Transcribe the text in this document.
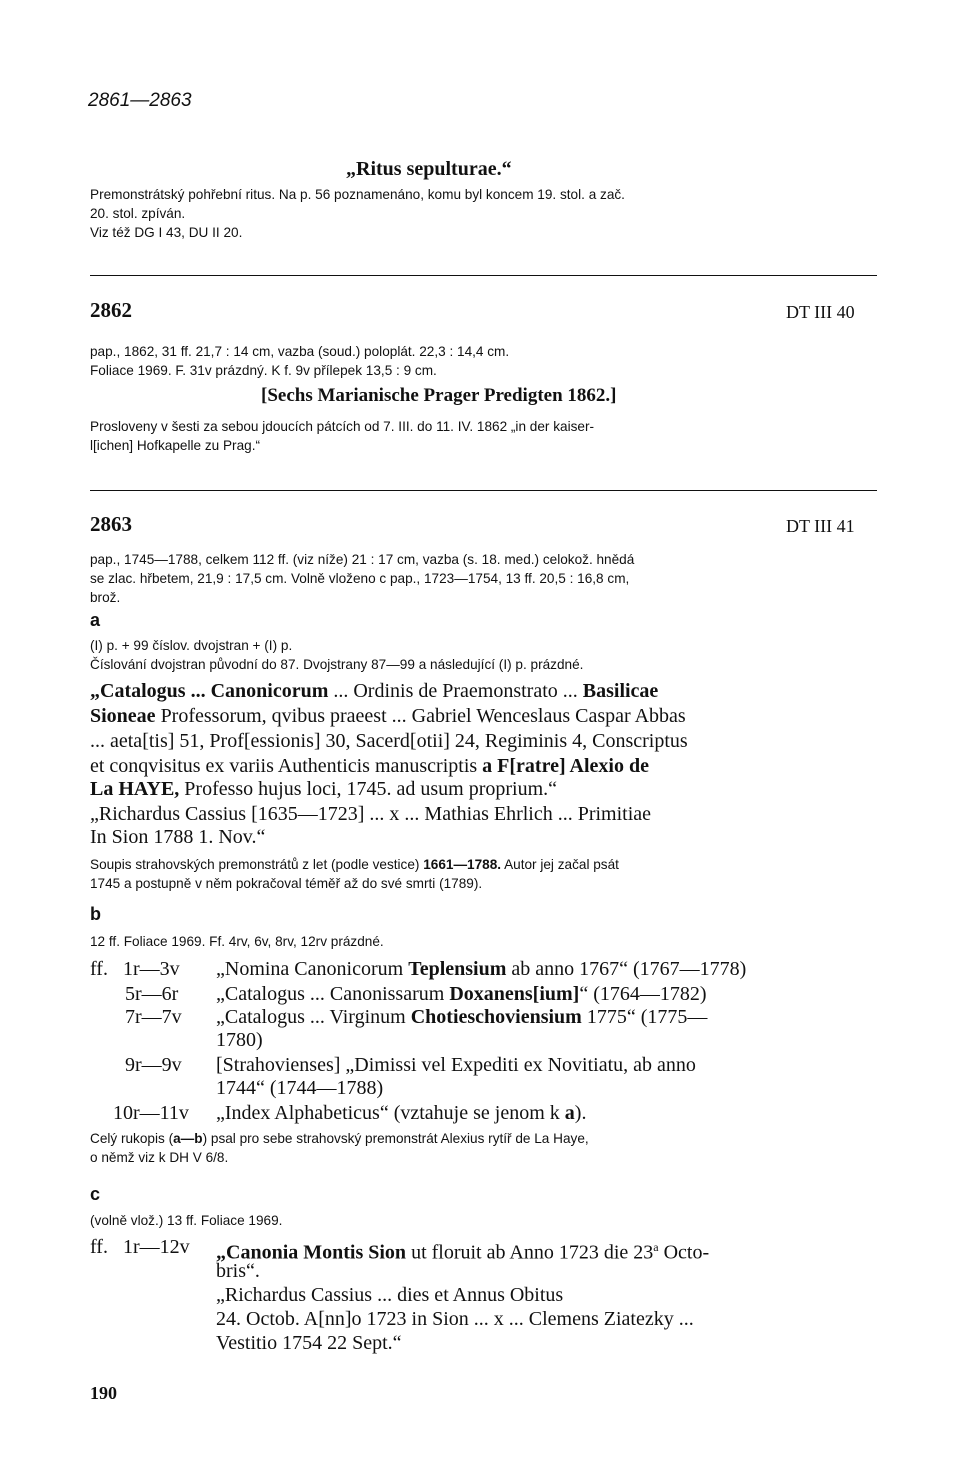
2861—2863
„Ritus sepulturae.“
Premonstrátský pohřební ritus. Na p. 56 poznamenáno, komu byl koncem 19. stol. a zač.
20. stol. zpíván.
Viz též DG I 43, DU II 20.
2862	DT III 40
pap., 1862, 31 ff. 21,7 : 14 cm, vazba (soud.) poloplát. 22,3 : 14,4 cm.
Foliace 1969. F. 31v prázdný. K f. 9v přílepek 13,5 : 9 cm.
[Sechs Marianische Prager Predigten 1862.]
Prosloveny v šesti za sebou jdoucích pátcích od 7. III. do 11. IV. 1862 „in der kaiser-
l[ichen] Hofkapelle zu Prag.“
2863	DT III 41
pap., 1745—1788, celkem 112 ff. (viz níže) 21 : 17 cm, vazba (s. 18. med.) celokož. hnědá
se zlac. hřbetem, 21,9 : 17,5 cm. Volně vloženo c pap., 1723—1754, 13 ff. 20,5 : 16,8 cm,
brož.
a
(I) p. + 99 číslov. dvojstran + (I) p.
Číslování dvojstran původní do 87. Dvojstrany 87—99 a následující (I) p. prázdné.
„Catalogus ... Canonicorum ... Ordinis de Praemonstrato ... Basilicae
Sioneae Professorum, qvibus praeest ... Gabriel Wenceslaus Caspar Abbas
... aeta[tis] 51, Prof[essionis] 30, Sacerd[otii] 24, Regiminis 4, Conscriptus
et conqvisitus ex variis Authenticis manuscriptis a F[ratre] Alexio de
La HAYE, Professo hujus loci, 1745. ad usum proprium.“
„Richardus Cassius [1635—1723] ... x ... Mathias Ehrlich ... Primitiae
In Sion 1788 1. Nov.“
Soupis strahovských premonstrátů z let (podle vestice) 1661—1788. Autor jej začal psát
1745 a postupně v něm pokračoval téměř až do své smrti (1789).
b
12 ff. Foliace 1969. Ff. 4rv, 6v, 8rv, 12rv prázdné.
ff. 1r—3v „Nomina Canonicorum Teplensium ab anno 1767“ (1767—1778)
5r—6r „Catalogus ... Canonissarum Doxanens[ium]“ (1764—1782)
7r—7v „Catalogus ... Virginum Chotieschoviensium 1775“ (1775—
1780)
9r—9v [Strahovienses] „Dimissi vel Expediti ex Novitiatu, ab anno
1744“ (1744—1788)
10r—11v „Index Alphabeticus“ (vztahuje se jenom k a).
Celý rukopis (a—b) psal pro sebe strahovský premonstrát Alexius rytíř de La Haye,
o němž viz k DH V 6/8.
c
(volně vlož.) 13 ff. Foliace 1969.
ff. 1r—12v „Canonia Montis Sion ut floruit ab Anno 1723 die 23$^a$ Octo-
bris“.
„Richardus Cassius ... dies et Annus Obitus
24. Octob. A[nn]o 1723 in Sion ... x ... Clemens Ziatezky ...
Vestitio 1754 22 Sept.“
190
